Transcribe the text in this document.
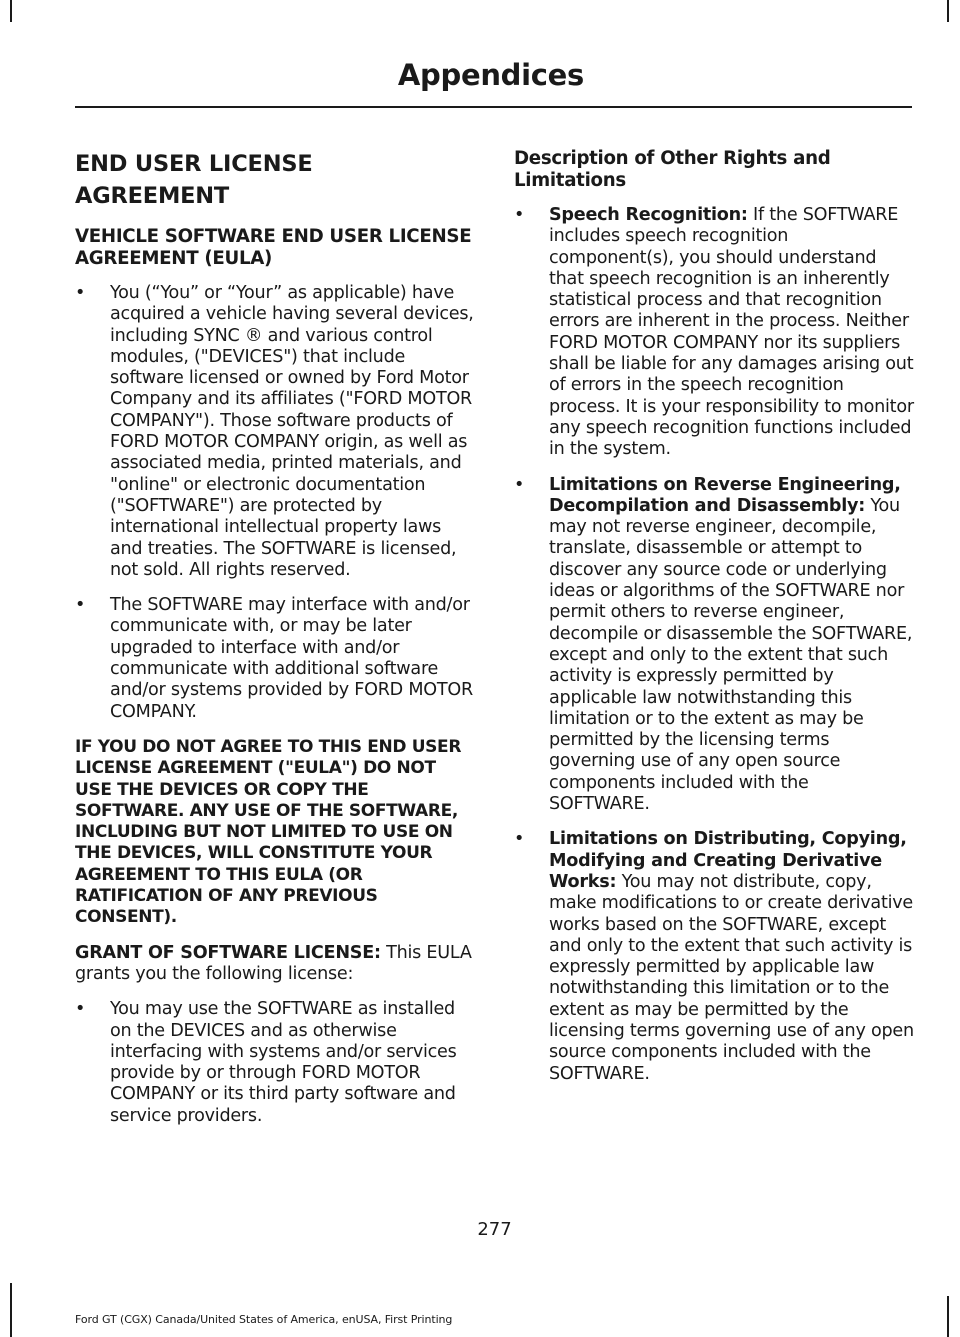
Appendices
END USER LICENSE
AGREEMENT
VEHICLE SOFTWARE END USER LICENSE AGREEMENT (EULA)
• You (“You” or “Your” as applicable) have acquired a vehicle having several devices, including SYNC ® and various control modules, ("DEVICES") that include software licensed or owned by Ford Motor Company and its affiliates ("FORD MOTOR COMPANY"). Those software products of FORD MOTOR COMPANY origin, as well as associated media, printed materials, and "online" or electronic documentation ("SOFTWARE") are protected by international intellectual property laws and treaties. The SOFTWARE is licensed, not sold. All rights reserved.
• The SOFTWARE may interface with and/or communicate with, or may be later upgraded to interface with and/or communicate with additional software and/or systems provided by FORD MOTOR COMPANY.
IF YOU DO NOT AGREE TO THIS END USER LICENSE AGREEMENT ("EULA") DO NOT USE THE DEVICES OR COPY THE SOFTWARE. ANY USE OF THE SOFTWARE, INCLUDING BUT NOT LIMITED TO USE ON THE DEVICES, WILL CONSTITUTE YOUR AGREEMENT TO THIS EULA (OR RATIFICATION OF ANY PREVIOUS CONSENT).
GRANT OF SOFTWARE LICENSE: This EULA grants you the following license:
• You may use the SOFTWARE as installed on the DEVICES and as otherwise interfacing with systems and/or services provide by or through FORD MOTOR COMPANY or its third party software and service providers.
Description of Other Rights and Limitations
• Speech Recognition: If the SOFTWARE includes speech recognition component(s), you should understand that speech recognition is an inherently statistical process and that recognition errors are inherent in the process. Neither FORD MOTOR COMPANY nor its suppliers shall be liable for any damages arising out of errors in the speech recognition process. It is your responsibility to monitor any speech recognition functions included in the system.
• Limitations on Reverse Engineering, Decompilation and Disassembly: You may not reverse engineer, decompile, translate, disassemble or attempt to discover any source code or underlying ideas or algorithms of the SOFTWARE nor permit others to reverse engineer, decompile or disassemble the SOFTWARE, except and only to the extent that such activity is expressly permitted by applicable law notwithstanding this limitation or to the extent as may be permitted by the licensing terms governing use of any open source components included with the SOFTWARE.
• Limitations on Distributing, Copying, Modifying and Creating Derivative Works: You may not distribute, copy, make modifications to or create derivative works based on the SOFTWARE, except and only to the extent that such activity is expressly permitted by applicable law notwithstanding this limitation or to the extent as may be permitted by the licensing terms governing use of any open source components included with the SOFTWARE.
277
Ford GT (CGX) Canada/United States of America, enUSA, First Printing
